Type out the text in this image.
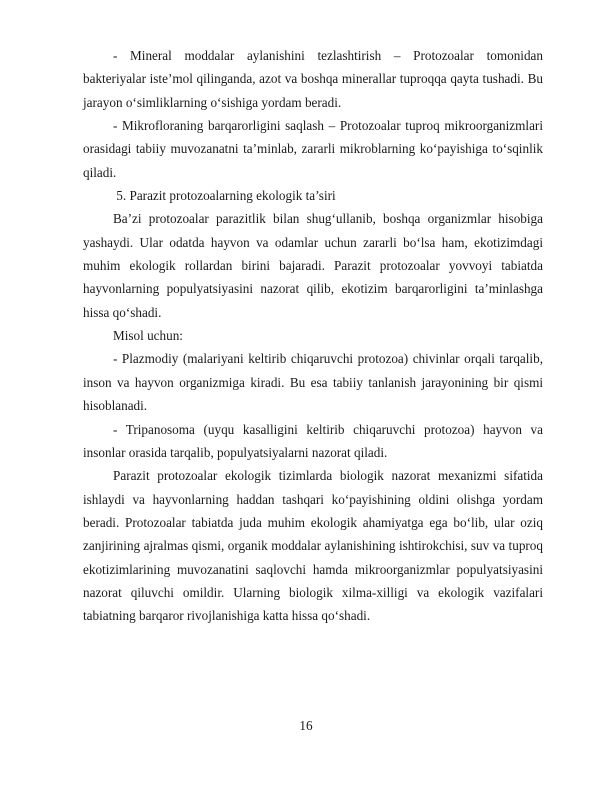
- Mineral moddalar aylanishini tezlashtirish – Protozoalar tomonidan bakteriyalar iste’mol qilinganda, azot va boshqa minerallar tuproqqa qayta tushadi. Bu jarayon o‘simliklarning o‘sishiga yordam beradi.

- Mikrofloraning barqarorligini saqlash – Protozoalar tuproq mikroorganizmlari orasidagi tabiiy muvozanatni ta’minlab, zararli mikroblarning ko‘payishiga to‘sqinlik qiladi.

5. Parazit protozoalarning ekologik ta’siri

Ba’zi protozoalar parazitlik bilan shug‘ullanib, boshqa organizmlar hisobiga yashaydi. Ular odatda hayvon va odamlar uchun zararli bo‘lsa ham, ekotizimdagi muhim ekologik rollardan birini bajaradi. Parazit protozoalar yovvoyi tabiatda hayvonlarning populyatsiyasini nazorat qilib, ekotizim barqarorligini ta’minlashga hissa qo‘shadi.

Misol uchun:

- Plazmodiy (malariyani keltirib chiqaruvchi protozoa) chivinlar orqali tarqalib, inson va hayvon organizmiga kiradi. Bu esa tabiiy tanlanish jarayonining bir qismi hisoblanadi.

- Tripanosoma (uyqu kasalligini keltirib chiqaruvchi protozoa) hayvon va insonlar orasida tarqalib, populyatsiyalarni nazorat qiladi.

Parazit protozoalar ekologik tizimlarda biologik nazorat mexanizmi sifatida ishlaydi va hayvonlarning haddan tashqari ko‘payishining oldini olishga yordam beradi. Protozoalar tabiatda juda muhim ekologik ahamiyatga ega bo‘lib, ular oziq zanjirining ajralmas qismi, organik moddalar aylanishining ishtirokchisi, suv va tuproq ekotizimlarining muvozanatini saqlovchi hamda mikroorganizmlar populyatsiyasini nazorat qiluvchi omildir. Ularning biologik xilma-xilligi va ekologik vazifalari tabiatning barqaror rivojlanishiga katta hissa qo‘shadi.

16
